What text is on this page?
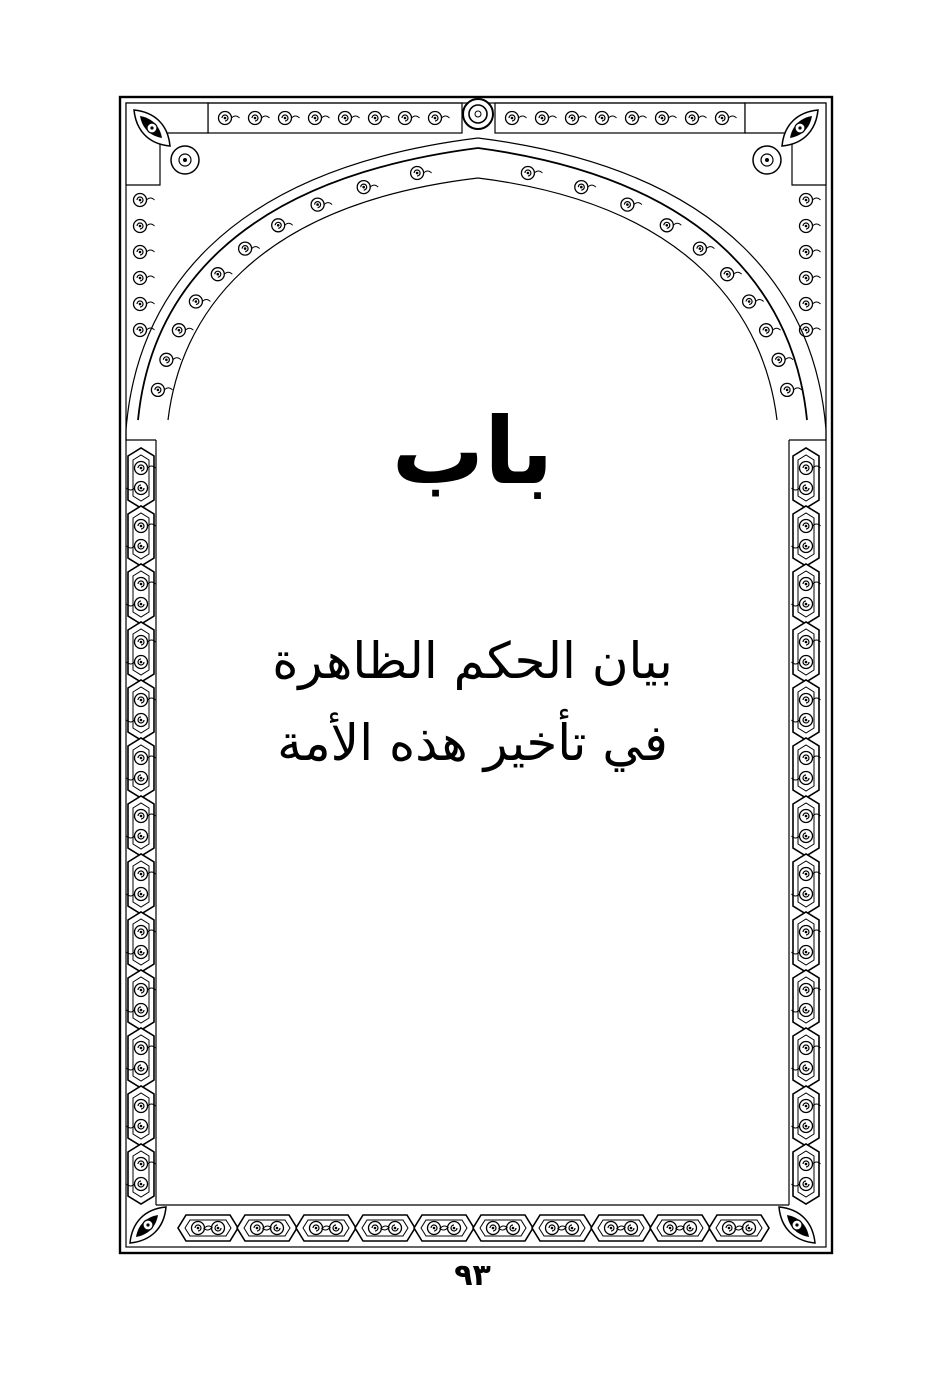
باب
بيان الحكم الظاهرة
في تأخير هذه الأمة
٩٣
